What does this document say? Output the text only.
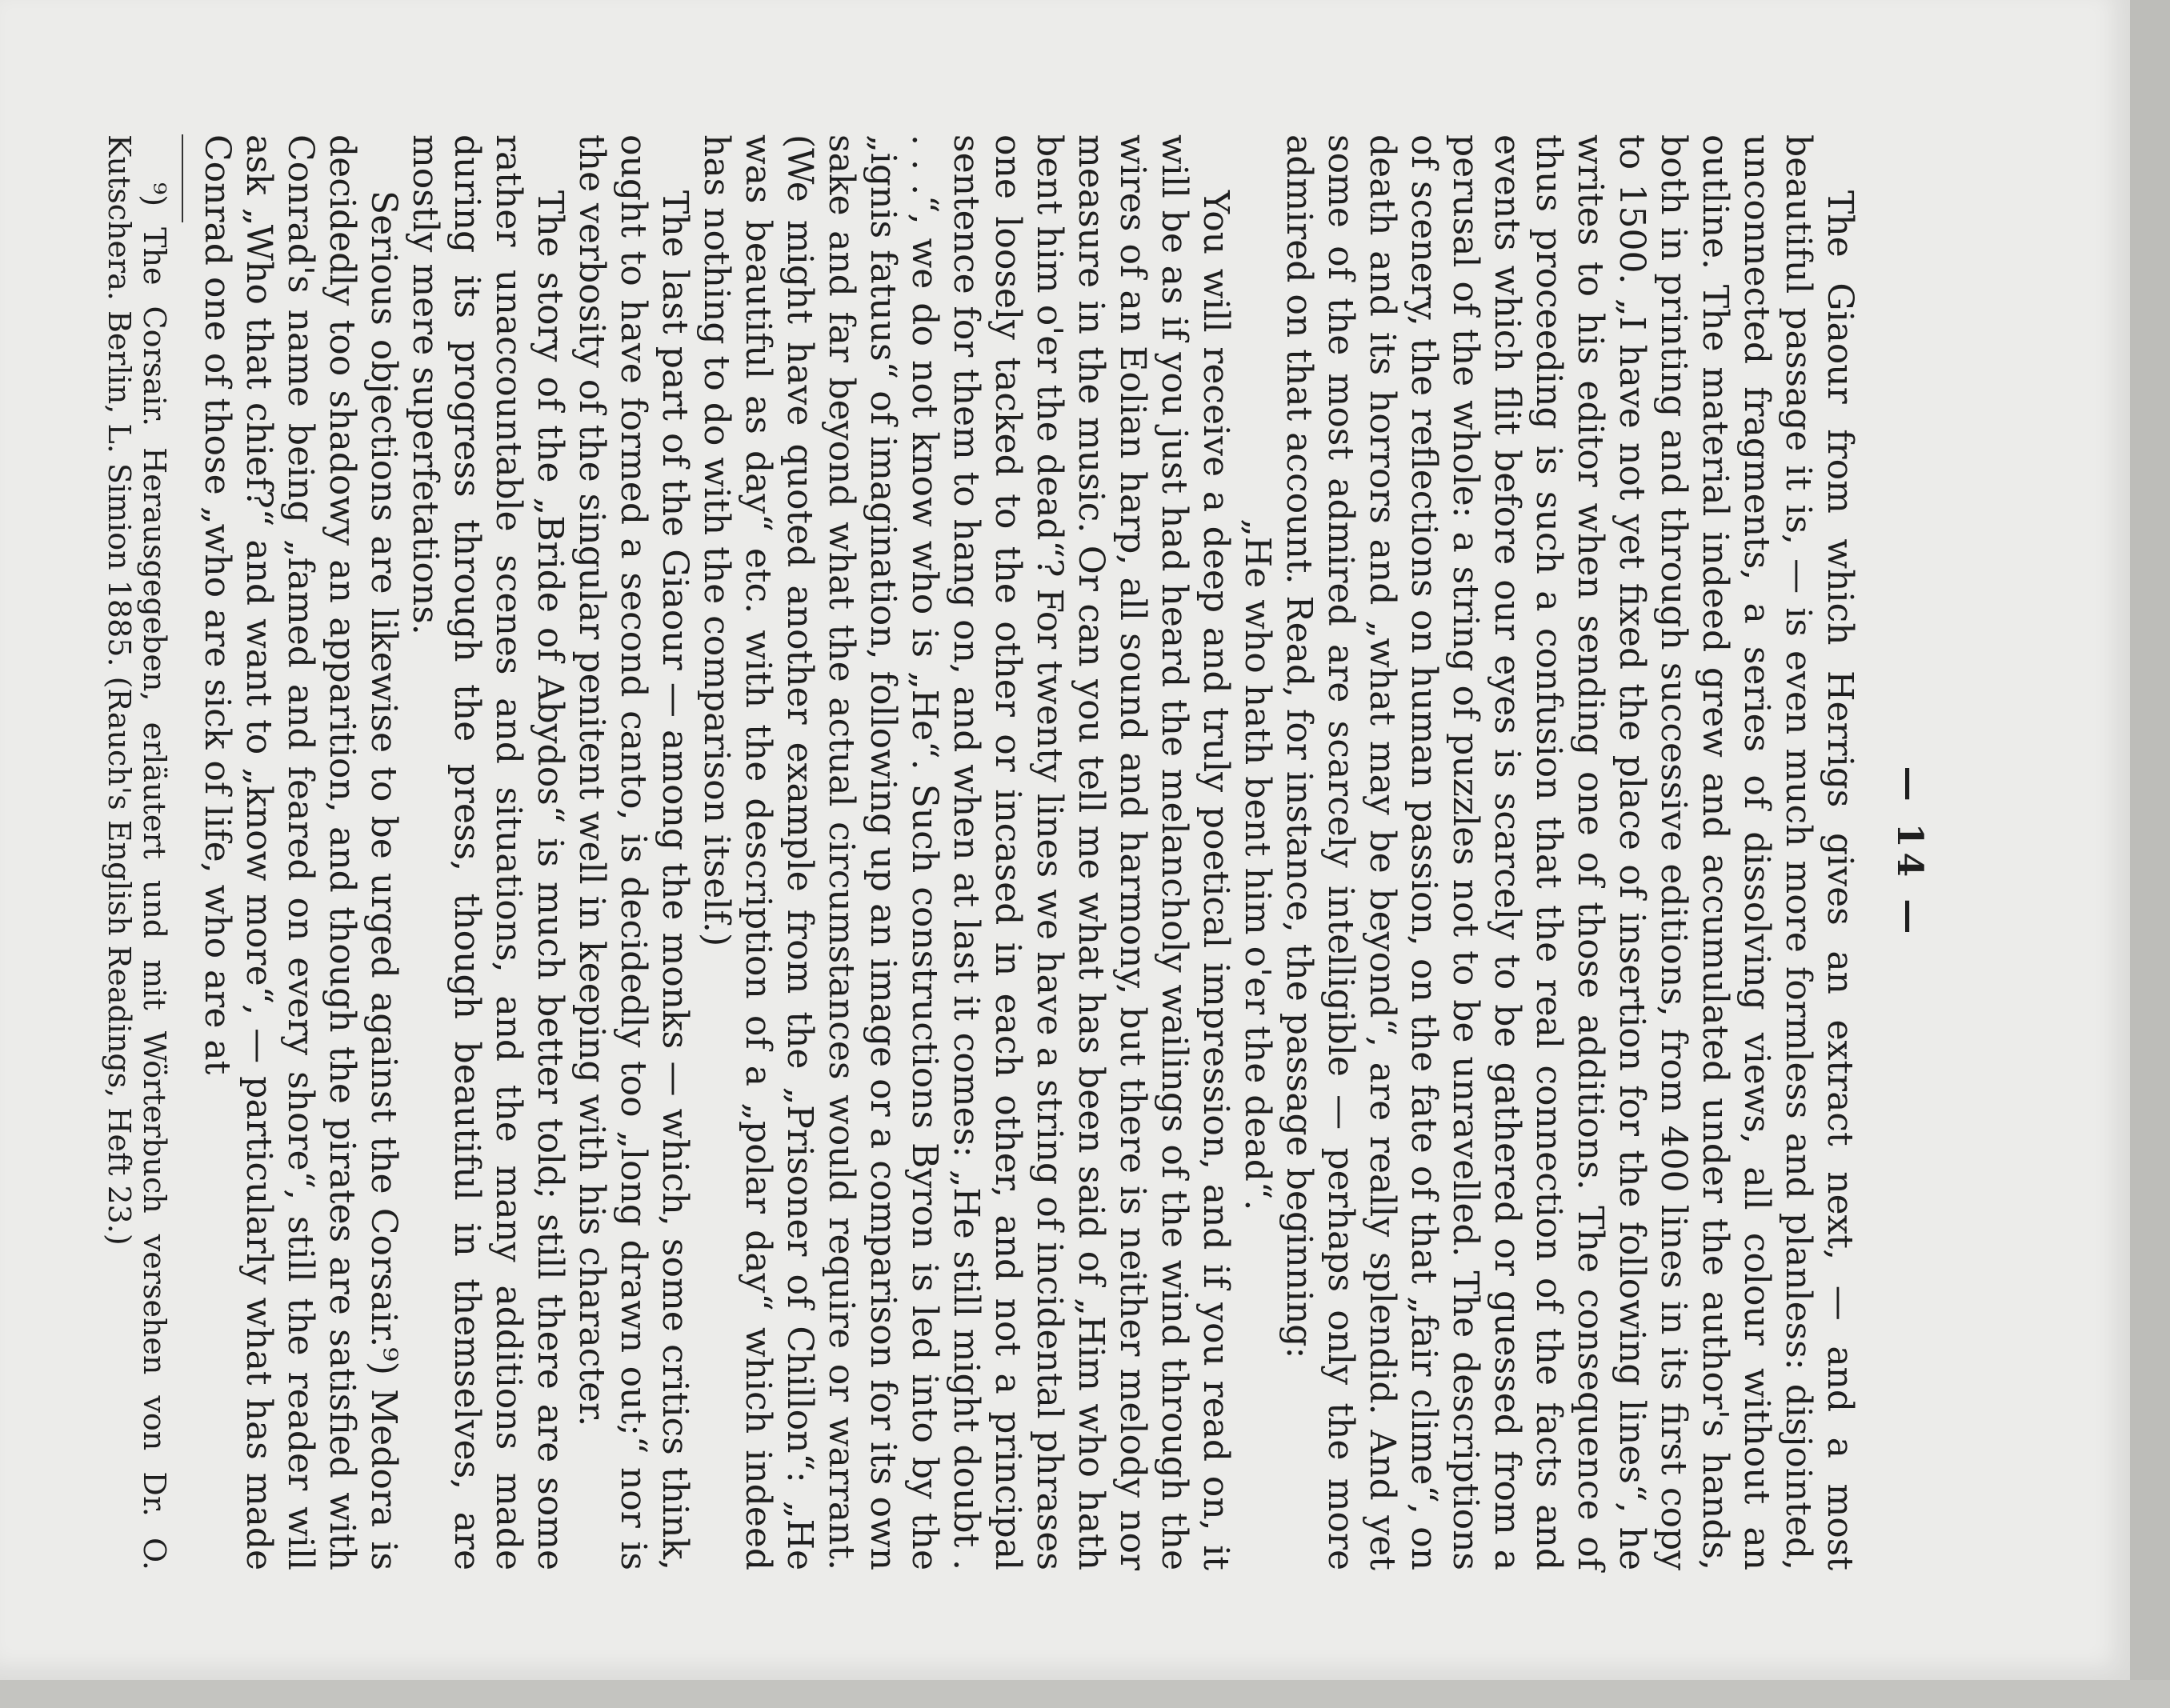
— 14 —

The Giaour from which Herrigs gives an extract next, — and a most beautiful passage it is, — is even much more formless and planless: disjointed, unconnected fragments, a series of dissolving views, all colour without an outline. The material indeed grew and accumulated under the author's hands, both in printing and through successive editions, from 400 lines in its first copy to 1500. „I have not yet fixed the place of insertion for the following lines“, he writes to his editor when sending one of those additions. The consequence of thus proceeding is such a confusion that the real connection of the facts and events which flit before our eyes is scarcely to be gathered or guessed from a perusal of the whole: a string of puzzles not to be unravelled. The descriptions of scenery, the reflections on human passion, on the fate of that „fair clime“, on death and its horrors and „what may be beyond“, are really splendid. And yet some of the most admired are scarcely intelligible — perhaps only the more admired on that account. Read, for instance, the passage beginning:

„He who hath bent him o'er the dead“.

You will receive a deep and truly poetical impression, and if you read on, it will be as if you just had heard the melancholy wailings of the wind through the wires of an Eolian harp, all sound and harmony, but there is neither melody nor measure in the music. Or can you tell me what has been said of „Him who hath bent him o'er the dead“? For twenty lines we have a string of incidental phrases one loosely tacked to the other or incased in each other, and not a principal sentence for them to hang on, and when at last it comes: „He still might doubt . . . .“, we do not know who is „He“. Such constructions Byron is led into by the „ignis fatuus“ of imagination, following up an image or a comparison for its own sake and far beyond what the actual circumstances would require or warrant. (We might have quoted another example from the „Prisoner of Chillon“: „He was beautiful as day“ etc. with the description of a „polar day“ which indeed has nothing to do with the comparison itself.)

The last part of the Giaour — among the monks — which, some critics think, ought to have formed a second canto, is decidedly too „long drawn out;“ nor is the verbosity of the singular penitent well in keeping with his character.

The story of the „Bride of Abydos“ is much better told; still there are some rather unaccountable scenes and situations, and the many additions made during its progress through the press, though beautiful in themselves, are mostly mere superfetations.

Serious objections are likewise to be urged against the Corsair.⁹) Medora is decidedly too shadowy an apparition, and though the pirates are satisfied with Conrad's name being „famed and feared on every shore“, still the reader will ask „Who that chief?“ and want to „know more“, — particularly what has made Conrad one of those „who are sick of life, who are at

⁹) The Corsair. Herausgegeben, erläutert und mit Wörterbuch versehen von Dr. O. Kutschera. Berlin, L. Simion 1885. (Rauch's English Readings, Heft 23.)
